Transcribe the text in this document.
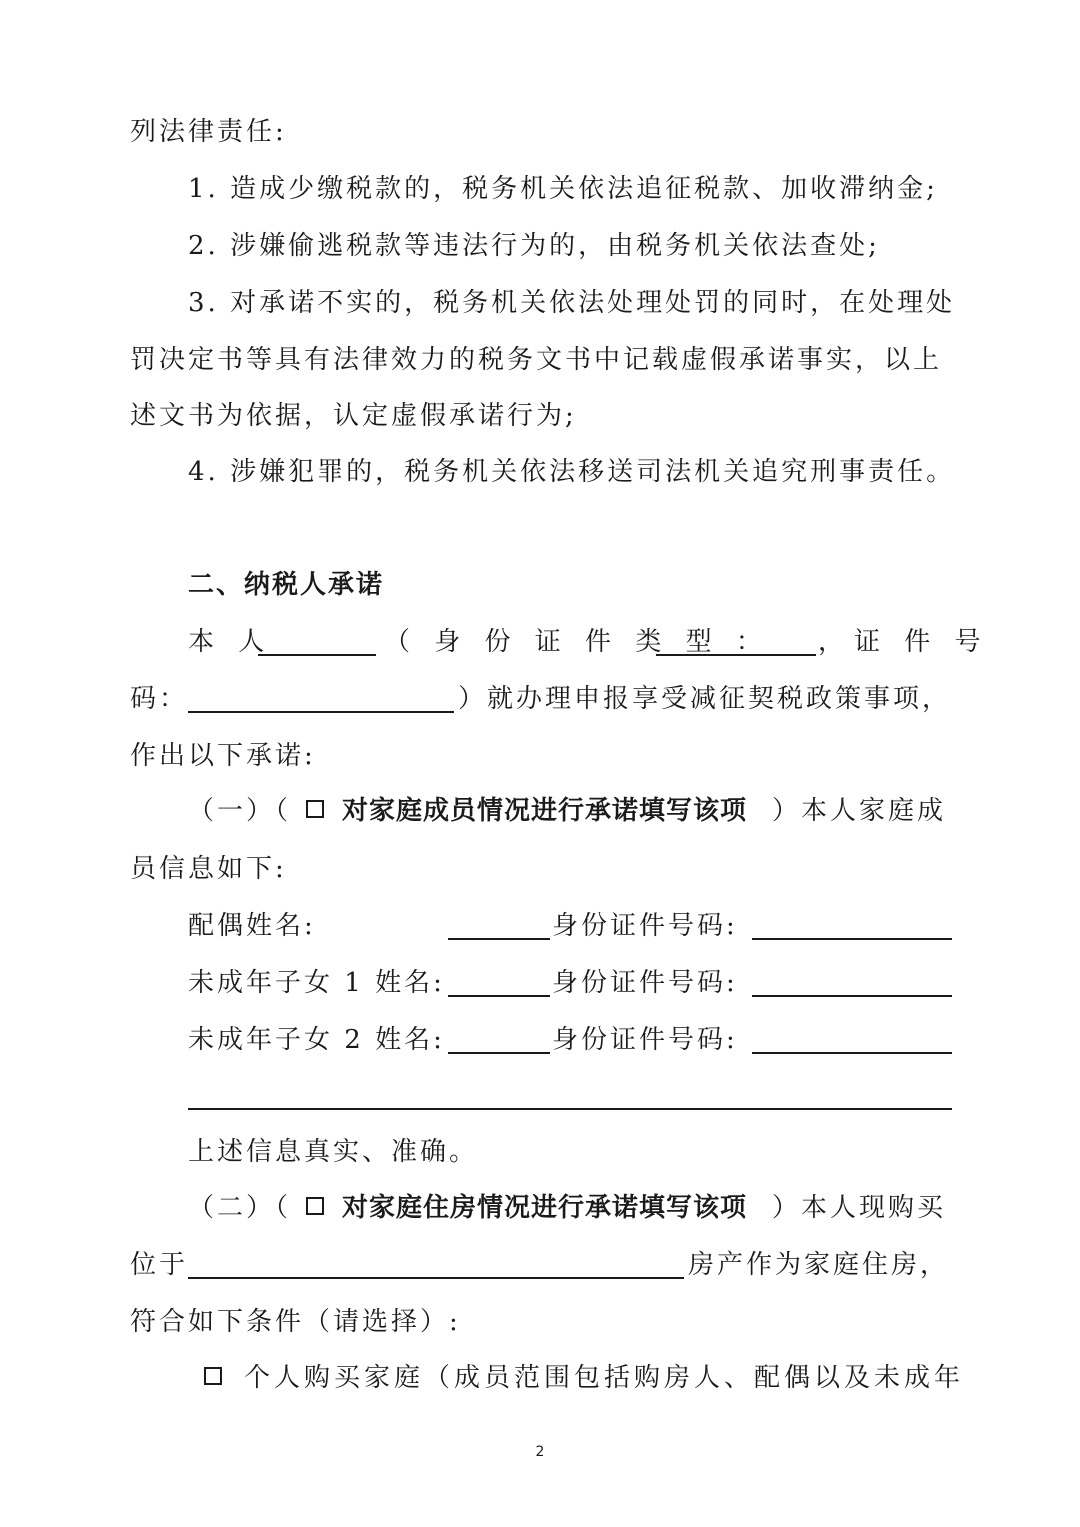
列法律责任:
1. 造成少缴税款的，税务机关依法追征税款、加收滞纳金;
2. 涉嫌偷逃税款等违法行为的，由税务机关依法查处;
3. 对承诺不实的，税务机关依法处理处罚的同时，在处理处
罚决定书等具有法律效力的税务文书中记载虚假承诺事实，以上
述文书为依据，认定虚假承诺行为;
4. 涉嫌犯罪的，税务机关依法移送司法机关追究刑事责任。
二、纳税人承诺
本 人	（ 身 份 证 件 类 型 ： ， 证 件 号
码：	）就办理申报享受减征契税政策事项，
作出以下承诺:
（一）（ 对家庭成员情况进行承诺填写该项 ）本人家庭成
员信息如下:
配偶姓名:	身份证件号码:
未成年子女 1 姓名:	身份证件号码:
未成年子女 2 姓名:	身份证件号码:
上述信息真实、准确。
（二）（ 对家庭住房情况进行承诺填写该项 ）本人现购买
位于	房产作为家庭住房，
符合如下条件（请选择）:
个人购买家庭（成员范围包括购房人、配偶以及未成年
2
